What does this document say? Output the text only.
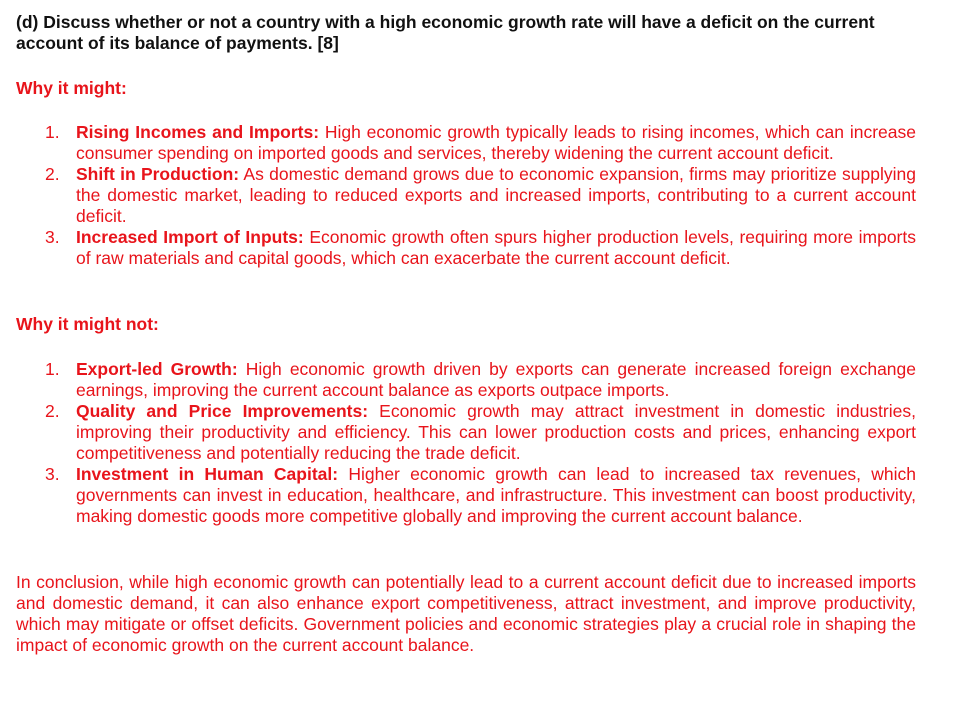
(d) Discuss whether or not a country with a high economic growth rate will have a deficit on the current account of its balance of payments. [8]

Why it might:

1. Rising Incomes and Imports: High economic growth typically leads to rising incomes, which can increase consumer spending on imported goods and services, thereby widening the current account deficit.
2. Shift in Production: As domestic demand grows due to economic expansion, firms may prioritize supplying the domestic market, leading to reduced exports and increased imports, contributing to a current account deficit.
3. Increased Import of Inputs: Economic growth often spurs higher production levels, requiring more imports of raw materials and capital goods, which can exacerbate the current account deficit.

Why it might not:

1. Export-led Growth: High economic growth driven by exports can generate increased foreign exchange earnings, improving the current account balance as exports outpace imports.
2. Quality and Price Improvements: Economic growth may attract investment in domestic industries, improving their productivity and efficiency. This can lower production costs and prices, enhancing export competitiveness and potentially reducing the trade deficit.
3. Investment in Human Capital: Higher economic growth can lead to increased tax revenues, which governments can invest in education, healthcare, and infrastructure. This investment can boost productivity, making domestic goods more competitive globally and improving the current account balance.

In conclusion, while high economic growth can potentially lead to a current account deficit due to increased imports and domestic demand, it can also enhance export competitiveness, attract investment, and improve productivity, which may mitigate or offset deficits. Government policies and economic strategies play a crucial role in shaping the impact of economic growth on the current account balance.
